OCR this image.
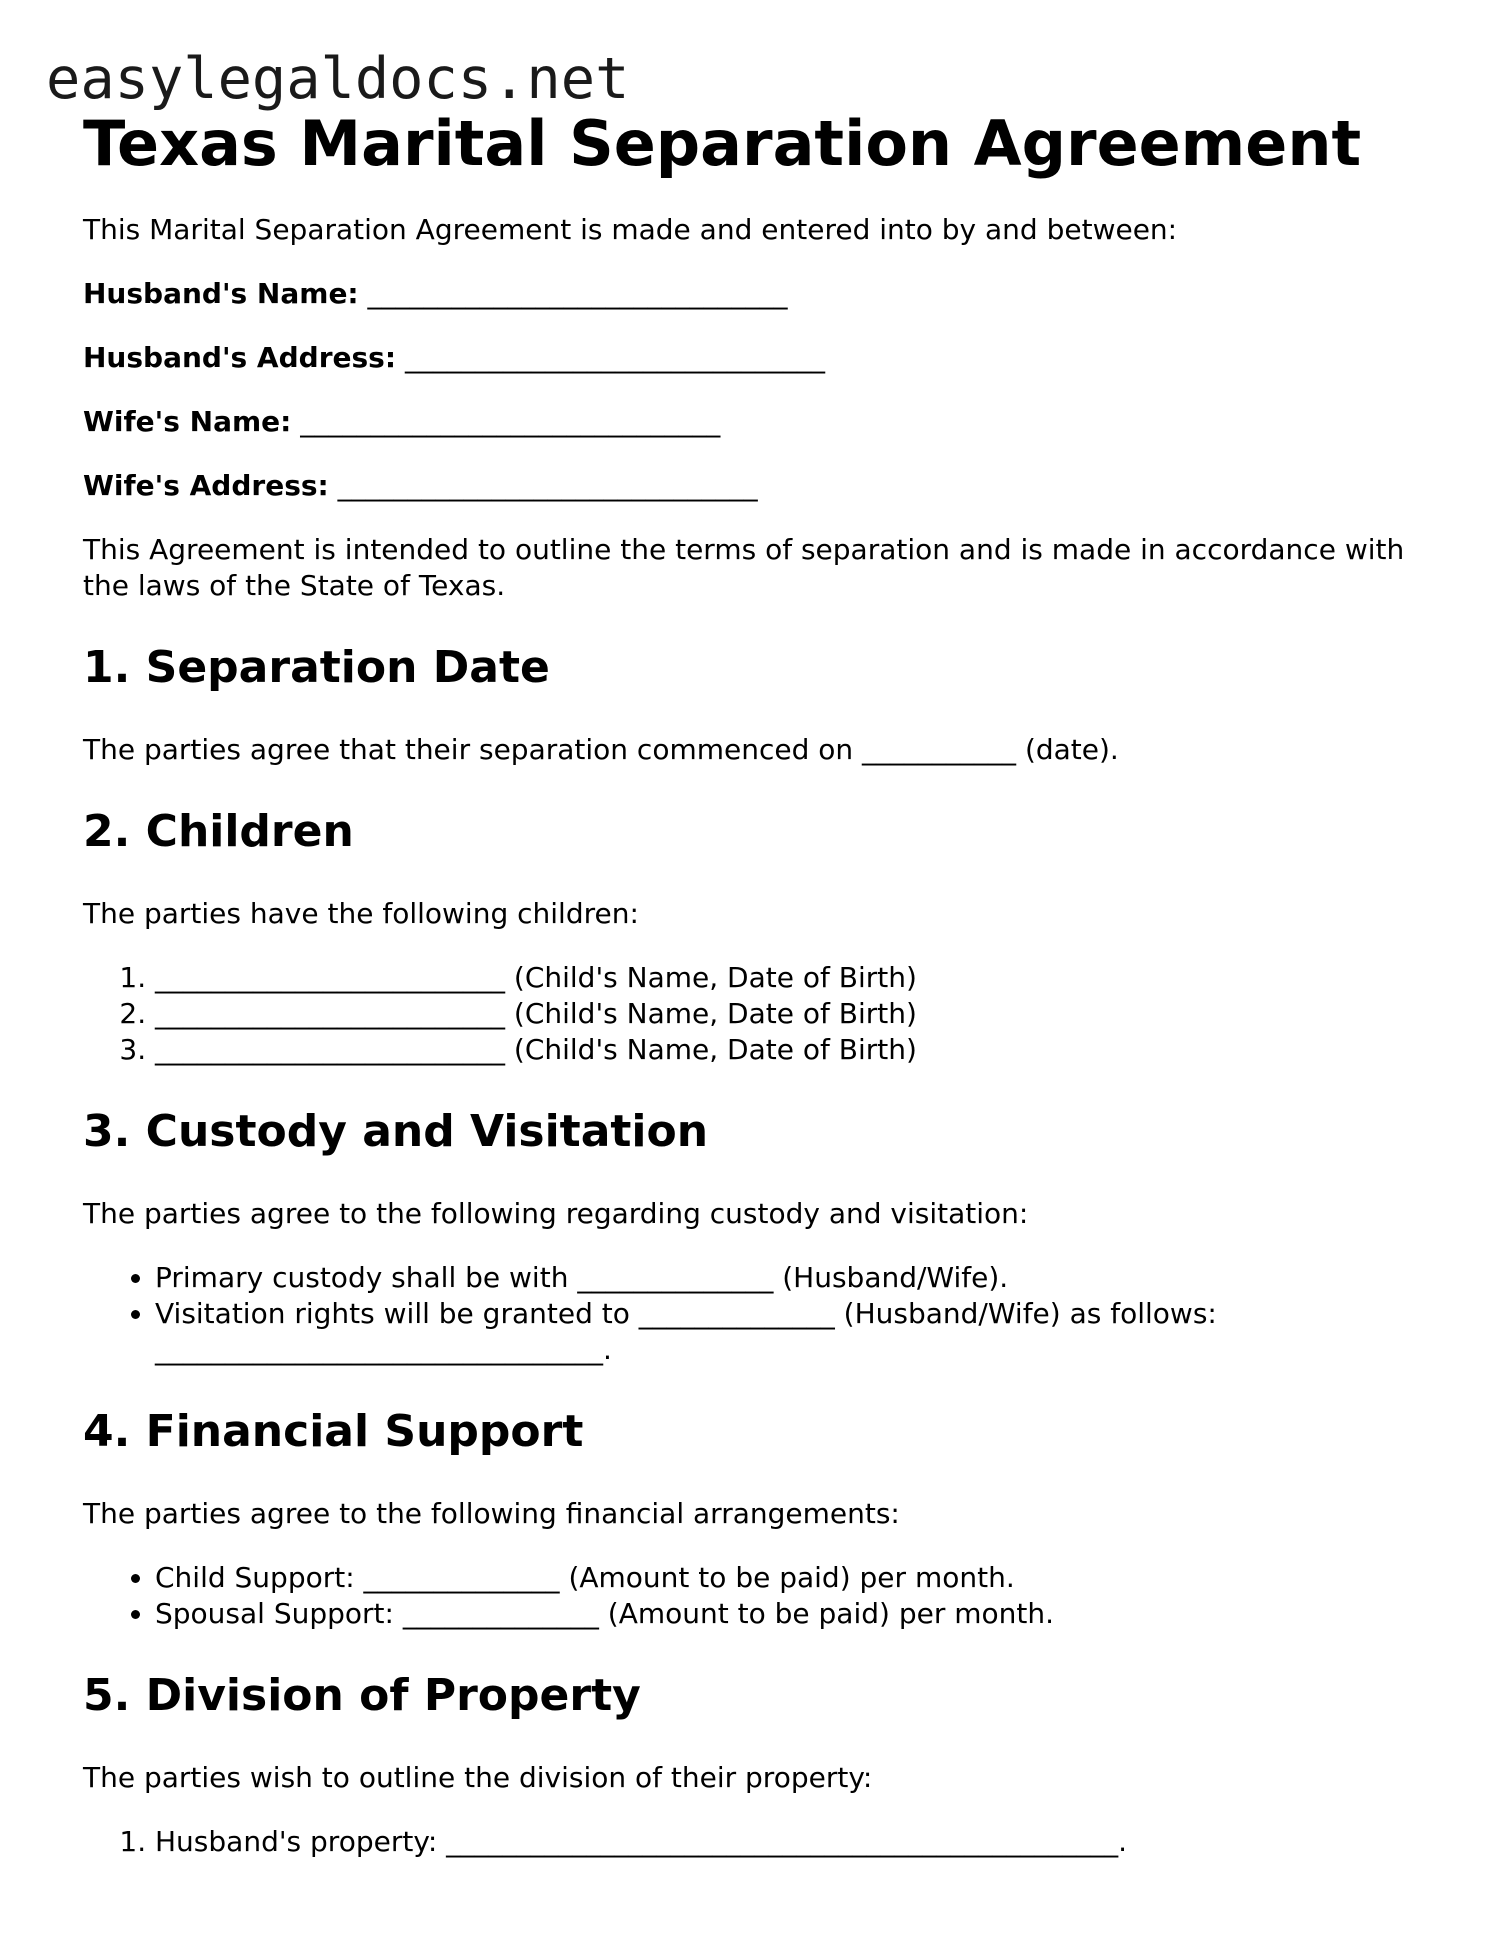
easylegaldocs.net
Texas Marital Separation Agreement

This Marital Separation Agreement is made and entered into by and between:

Husband's Name: ______________________________
Husband's Address: ______________________________
Wife's Name: ______________________________
Wife's Address: ______________________________

This Agreement is intended to outline the terms of separation and is made in accordance with the laws of the State of Texas.

1. Separation Date

The parties agree that their separation commenced on ___________ (date).

2. Children

The parties have the following children:

1. _________________________ (Child's Name, Date of Birth)
2. _________________________ (Child's Name, Date of Birth)
3. _________________________ (Child's Name, Date of Birth)
3. Custody and Visitation

The parties agree to the following regarding custody and visitation:

• Primary custody shall be with ______________ (Husband/Wife).
• Visitation rights will be granted to ______________ (Husband/Wife) as follows: ________________________________.
4. Financial Support

The parties agree to the following financial arrangements:

• Child Support: ______________ (Amount to be paid) per month.
• Spousal Support: ______________ (Amount to be paid) per month.
5. Division of Property

The parties wish to outline the division of their property:

1. Husband's property: ________________________________________________.
